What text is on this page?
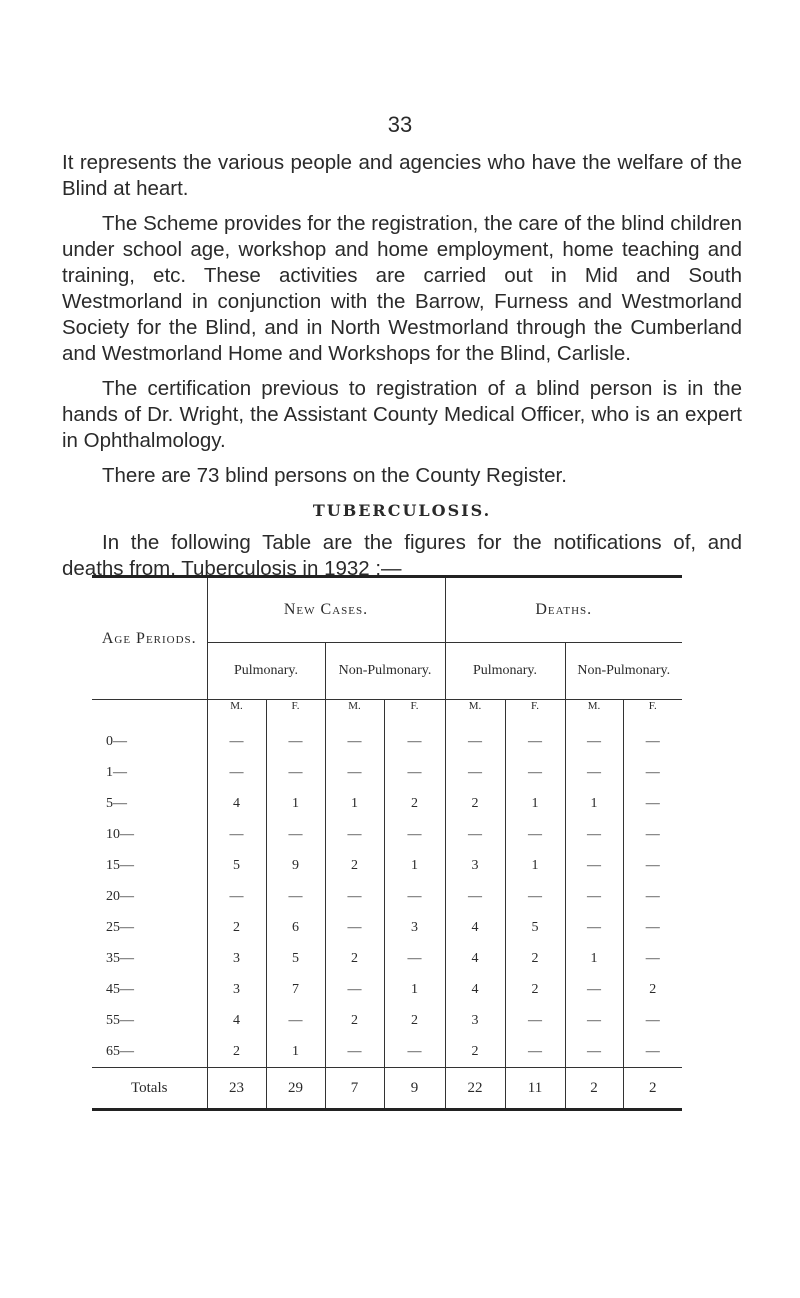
33

It represents the various people and agencies who have the welfare of the Blind at heart.

The Scheme provides for the registration, the care of the blind children under school age, workshop and home employment, home teaching and training, etc. These activities are carried out in Mid and South Westmorland in conjunction with the Barrow, Furness and Westmorland Society for the Blind, and in North Westmorland through the Cumberland and Westmorland Home and Workshops for the Blind, Carlisle.

The certification previous to registration of a blind person is in the hands of Dr. Wright, the Assistant County Medical Officer, who is an expert in Ophthalmology.

There are 73 blind persons on the County Register.

TUBERCULOSIS.

In the following Table are the figures for the notifications of, and deaths from, Tuberculosis in 1932 :—

Age Periods.	New Cases.				Deaths.			
	Pulmonary.		Non-Pulmonary.		Pulmonary.		Non-Pulmonary.	
	M.	F.	M.	F.	M.	F.	M.	F.
0—	—	—	—	—	—	—	—	—
1—	—	—	—	—	—	—	—	—
5—	4	1	1	2	2	1	1	—
10—	—	—	—	—	—	—	—	—
15—	5	9	2	1	3	1	—	—
20—	—	—	—	—	—	—	—	—
25—	2	6	—	3	4	5	—	—
35—	3	5	2	—	4	2	1	—
45—	3	7	—	1	4	2	—	2
55—	4	—	2	2	3	—	—	—
65—	2	1	—	—	2	—	—	—
Totals	23	29	7	9	22	11	2	2
